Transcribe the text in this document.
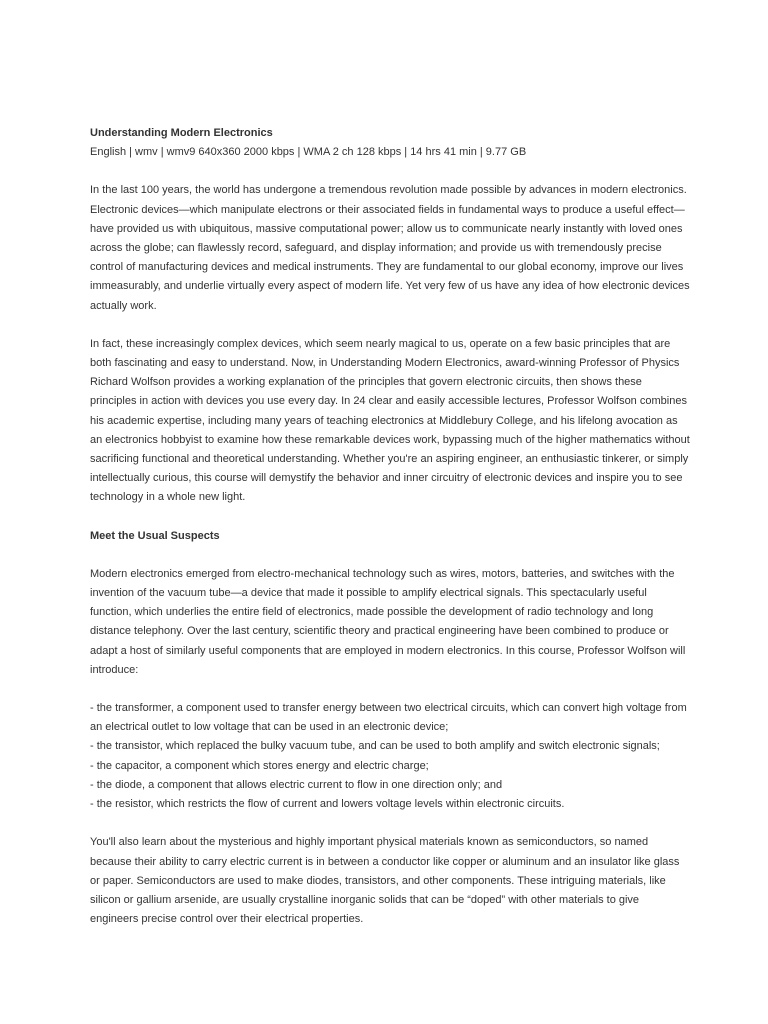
Understanding Modern Electronics

English | wmv | wmv9 640x360 2000 kbps | WMA 2 ch 128 kbps | 14 hrs 41 min | 9.77 GB

In the last 100 years, the world has undergone a tremendous revolution made possible by advances in modern electronics. Electronic devices—which manipulate electrons or their associated fields in fundamental ways to produce a useful effect—have provided us with ubiquitous, massive computational power; allow us to communicate nearly instantly with loved ones across the globe; can flawlessly record, safeguard, and display information; and provide us with tremendously precise control of manufacturing devices and medical instruments. They are fundamental to our global economy, improve our lives immeasurably, and underlie virtually every aspect of modern life. Yet very few of us have any idea of how electronic devices actually work.

In fact, these increasingly complex devices, which seem nearly magical to us, operate on a few basic principles that are both fascinating and easy to understand. Now, in Understanding Modern Electronics, award-winning Professor of Physics Richard Wolfson provides a working explanation of the principles that govern electronic circuits, then shows these principles in action with devices you use every day. In 24 clear and easily accessible lectures, Professor Wolfson combines his academic expertise, including many years of teaching electronics at Middlebury College, and his lifelong avocation as an electronics hobbyist to examine how these remarkable devices work, bypassing much of the higher mathematics without sacrificing functional and theoretical understanding. Whether you're an aspiring engineer, an enthusiastic tinkerer, or simply intellectually curious, this course will demystify the behavior and inner circuitry of electronic devices and inspire you to see technology in a whole new light.

Meet the Usual Suspects

Modern electronics emerged from electro-mechanical technology such as wires, motors, batteries, and switches with the invention of the vacuum tube—a device that made it possible to amplify electrical signals. This spectacularly useful function, which underlies the entire field of electronics, made possible the development of radio technology and long distance telephony. Over the last century, scientific theory and practical engineering have been combined to produce or adapt a host of similarly useful components that are employed in modern electronics. In this course, Professor Wolfson will introduce:

- the transformer, a component used to transfer energy between two electrical circuits, which can convert high voltage from an electrical outlet to low voltage that can be used in an electronic device;

- the transistor, which replaced the bulky vacuum tube, and can be used to both amplify and switch electronic signals;

- the capacitor, a component which stores energy and electric charge;

- the diode, a component that allows electric current to flow in one direction only; and

- the resistor, which restricts the flow of current and lowers voltage levels within electronic circuits.

You'll also learn about the mysterious and highly important physical materials known as semiconductors, so named because their ability to carry electric current is in between a conductor like copper or aluminum and an insulator like glass or paper. Semiconductors are used to make diodes, transistors, and other components. These intriguing materials, like silicon or gallium arsenide, are usually crystalline inorganic solids that can be “doped” with other materials to give engineers precise control over their electrical properties.
